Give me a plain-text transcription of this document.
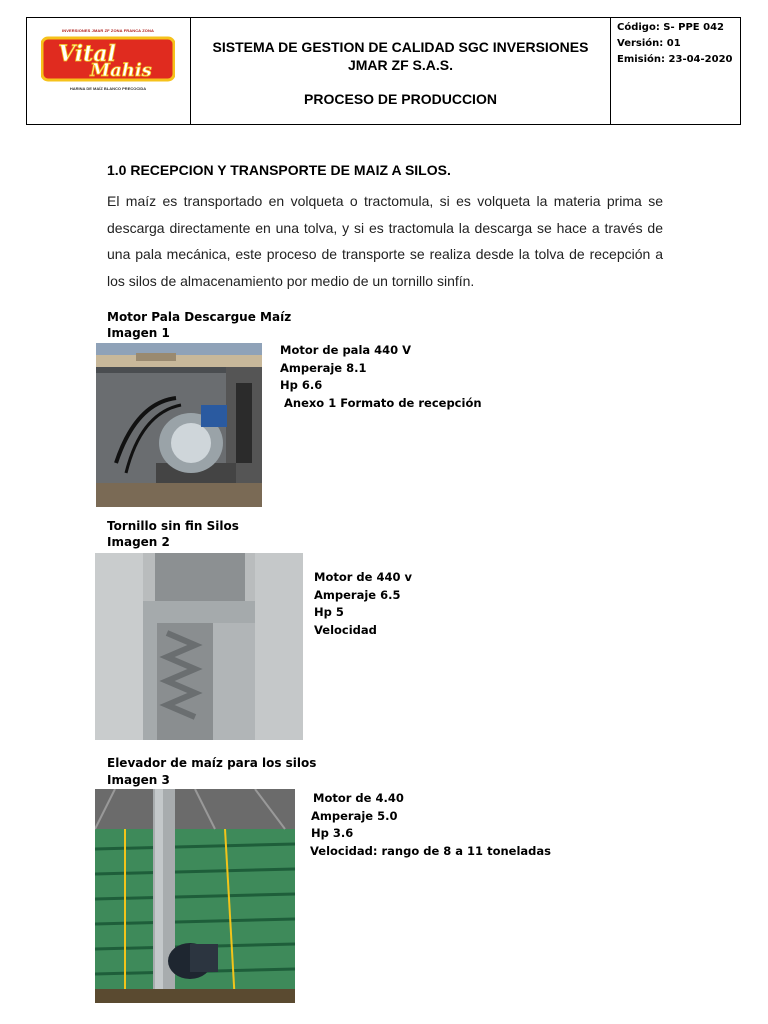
INVERSIONES JMAR ZF ZONA FRANCA ZONA
Vital
Mahis
HARINA DE MAÍZ BLANCO PRECOCIDA
SISTEMA DE GESTION DE CALIDAD SGC INVERSIONES
JMAR ZF S.A.S.
PROCESO DE PRODUCCION
Código: S- PPE 042
Versión: 01
Emisión: 23-04-2020
1.0 RECEPCION Y TRANSPORTE DE MAIZ A SILOS.
El maíz es transportado en volqueta o tractomula, si es volqueta la materia prima se descarga directamente en una tolva, y si es tractomula la descarga se hace a través de una pala mecánica, este proceso de transporte se realiza desde la tolva de recepción a los silos de almacenamiento por medio de un tornillo sinfín.
Motor Pala Descargue Maíz
Imagen 1
Motor de pala 440 V
Amperaje 8.1
Hp 6.6
Anexo 1 Formato de recepción
Tornillo sin fin Silos
Imagen 2
Motor de 440 v
Amperaje 6.5
Hp 5
Velocidad
Elevador de maíz para los silos
Imagen 3
Motor de 4.40
Amperaje 5.0
Hp 3.6
Velocidad: rango de 8 a 11 toneladas
